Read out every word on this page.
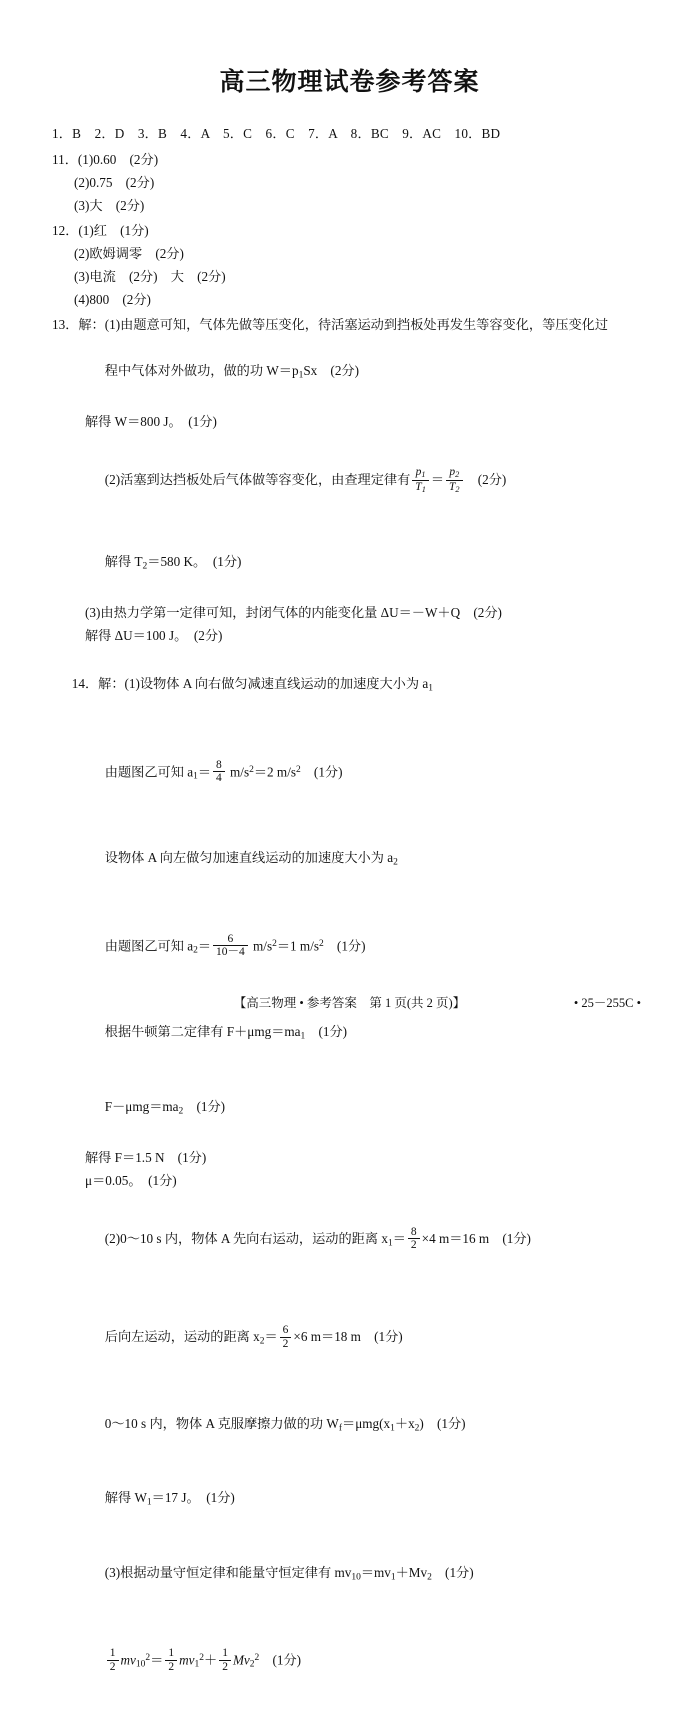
高三物理试卷参考答案
1．B　2．D　3．B　4．A　5．C　6．C　7．A　8．BC　9．AC　10．BD
11．(1)0.60　(2分)
(2)0.75　(2分)
(3)大　(2分)
12．(1)红　(1分)
(2)欧姆调零　(2分)
(3)电流　(2分)　大　(2分)
(4)800　(2分)
13．解：(1)由题意可知，气体先做等压变化，待活塞运动到挡板处再发生等容变化，等压变化过

程中气体对外做功，做的功 $W=p_1Sx$　(2分)

解得 W＝800 J。　(1分)

(2)活塞到达挡板处后气体做等容变化，由查理定律有 $\frac{p_1}{T_1} = \frac{p_2}{T_2}$ 　(2分)

解得 $T_2=580$ K。　(1分)

(3)由热力学第一定律可知，封闭气体的内能变化量 ΔU＝－W＋Q　(2分)
解得 ΔU＝100 J。　(2分)

14．解：(1)设物体 A 向右做匀减速直线运动的加速度大小为 $a_1$

由题图乙可知 $a_1= \frac{8}{4} m/s^2=2$ $m/s^2$　(1分)

设物体 A 向左做匀加速直线运动的加速度大小为 $a_2$

由题图乙可知 $a_2= \frac{6}{10-4} m/s^2=1$ $m/s^2$　(1分)

根据牛顿第二定律有 $F+\mu mg=ma_1$　(1分)

$F-\mu mg=ma_2$　(1分)

解得 F＝1.5 N　(1分)
μ＝0.05。　(1分)

(2)0～10 s 内，物体 A 先向右运动，运动的距离 $x_1= \frac{8}{2} \times 4$ m＝16 m　(1分)

后向左运动，运动的距离 $x_2= \frac{6}{2} \times 6$ m＝18 m　(1分)

0～10 s 内，物体 A 克服摩擦力做的功 $W_f=\mu mg(x_1+x_2)$　(1分)

解得 $W_1=17$ J。　(1分)

(3)根据动量守恒定律和能量守恒定律有 $mv_{10}=mv_1+Mv_2$　(1分)

$\frac{1}{2} mv_{10}^2= \frac{1}{2} mv_1^2+ \frac{1}{2} Mv_2^2$　(1分)

【高三物理 • 参考答案　第 1 页(共 2 页)】	• 25－255C •
